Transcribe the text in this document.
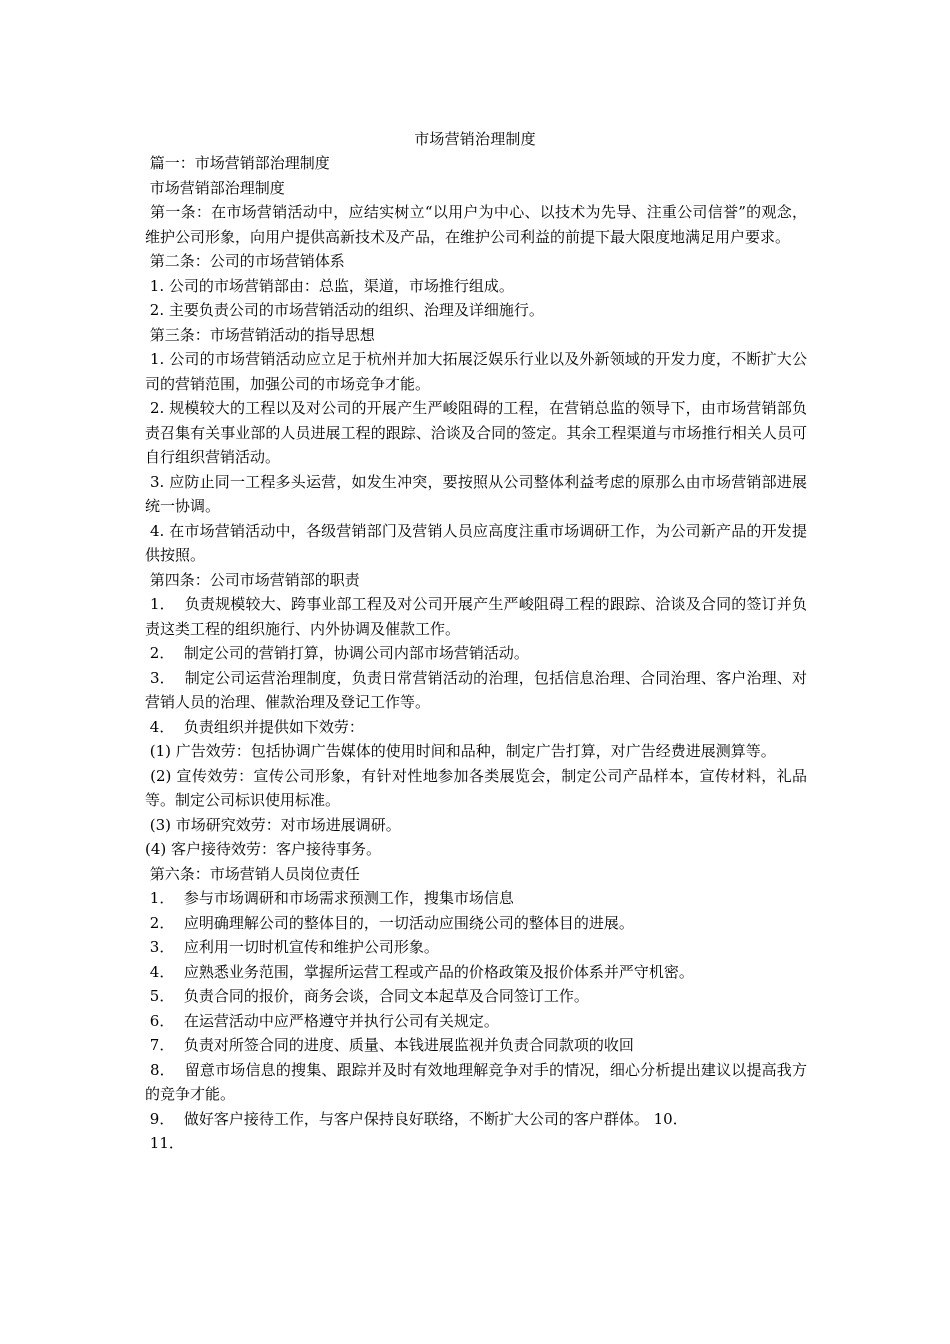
市场营销治理制度

篇一：市场营销部治理制度

市场营销部治理制度

第一条：在市场营销活动中，应结实树立“以用户为中心、以技术为先导、注重公司信誉”的观念，维护公司形象，向用户提供高新技术及产品，在维护公司利益的前提下最大限度地满足用户要求。

第二条：公司的市场营销体系

1. 公司的市场营销部由：总监，渠道，市场推行组成。

2. 主要负责公司的市场营销活动的组织、治理及详细施行。

第三条：市场营销活动的指导思想

1. 公司的市场营销活动应立足于杭州并加大拓展泛娱乐行业以及外新领域的开发力度，不断扩大公司的营销范围，加强公司的市场竞争才能。

2. 规模较大的工程以及对公司的开展产生严峻阻碍的工程，在营销总监的领导下，由市场营销部负责召集有关事业部的人员进展工程的跟踪、洽谈及合同的签定。其余工程渠道与市场推行相关人员可自行组织营销活动。

3. 应防止同一工程多头运营，如发生冲突，要按照从公司整体利益考虑的原那么由市场营销部进展统一协调。

4. 在市场营销活动中，各级营销部门及营销人员应高度注重市场调研工作，为公司新产品的开发提供按照。

第四条：公司市场营销部的职责

1．  负责规模较大、跨事业部工程及对公司开展产生严峻阻碍工程的跟踪、洽谈及合同的签订并负责这类工程的组织施行、内外协调及催款工作。

2．  制定公司的营销打算，协调公司内部市场营销活动。

3．  制定公司运营治理制度，负责日常营销活动的治理，包括信息治理、合同治理、客户治理、对营销人员的治理、催款治理及登记工作等。

4．  负责组织并提供如下效劳：

(1) 广告效劳：包括协调广告媒体的使用时间和品种，制定广告打算，对广告经费进展测算等。

(2) 宣传效劳：宣传公司形象，有针对性地参加各类展览会，制定公司产品样本，宣传材料，礼品等。制定公司标识使用标准。

(3) 市场研究效劳：对市场进展调研。

(4) 客户接待效劳：客户接待事务。

第六条：市场营销人员岗位责任

1．  参与市场调研和市场需求预测工作，搜集市场信息

2．  应明确理解公司的整体目的，一切活动应围绕公司的整体目的进展。

3．  应利用一切时机宣传和维护公司形象。

4．  应熟悉业务范围，掌握所运营工程或产品的价格政策及报价体系并严守机密。

5．  负责合同的报价，商务会谈，合同文本起草及合同签订工作。

6．  在运营活动中应严格遵守并执行公司有关规定。

7．  负责对所签合同的进度、质量、本钱进展监视并负责合同款项的收回

8．  留意市场信息的搜集、跟踪并及时有效地理解竞争对手的情况，细心分析提出建议以提高我方的竞争才能。

9．  做好客户接待工作，与客户保持良好联络，不断扩大公司的客户群体。 10．

11．
